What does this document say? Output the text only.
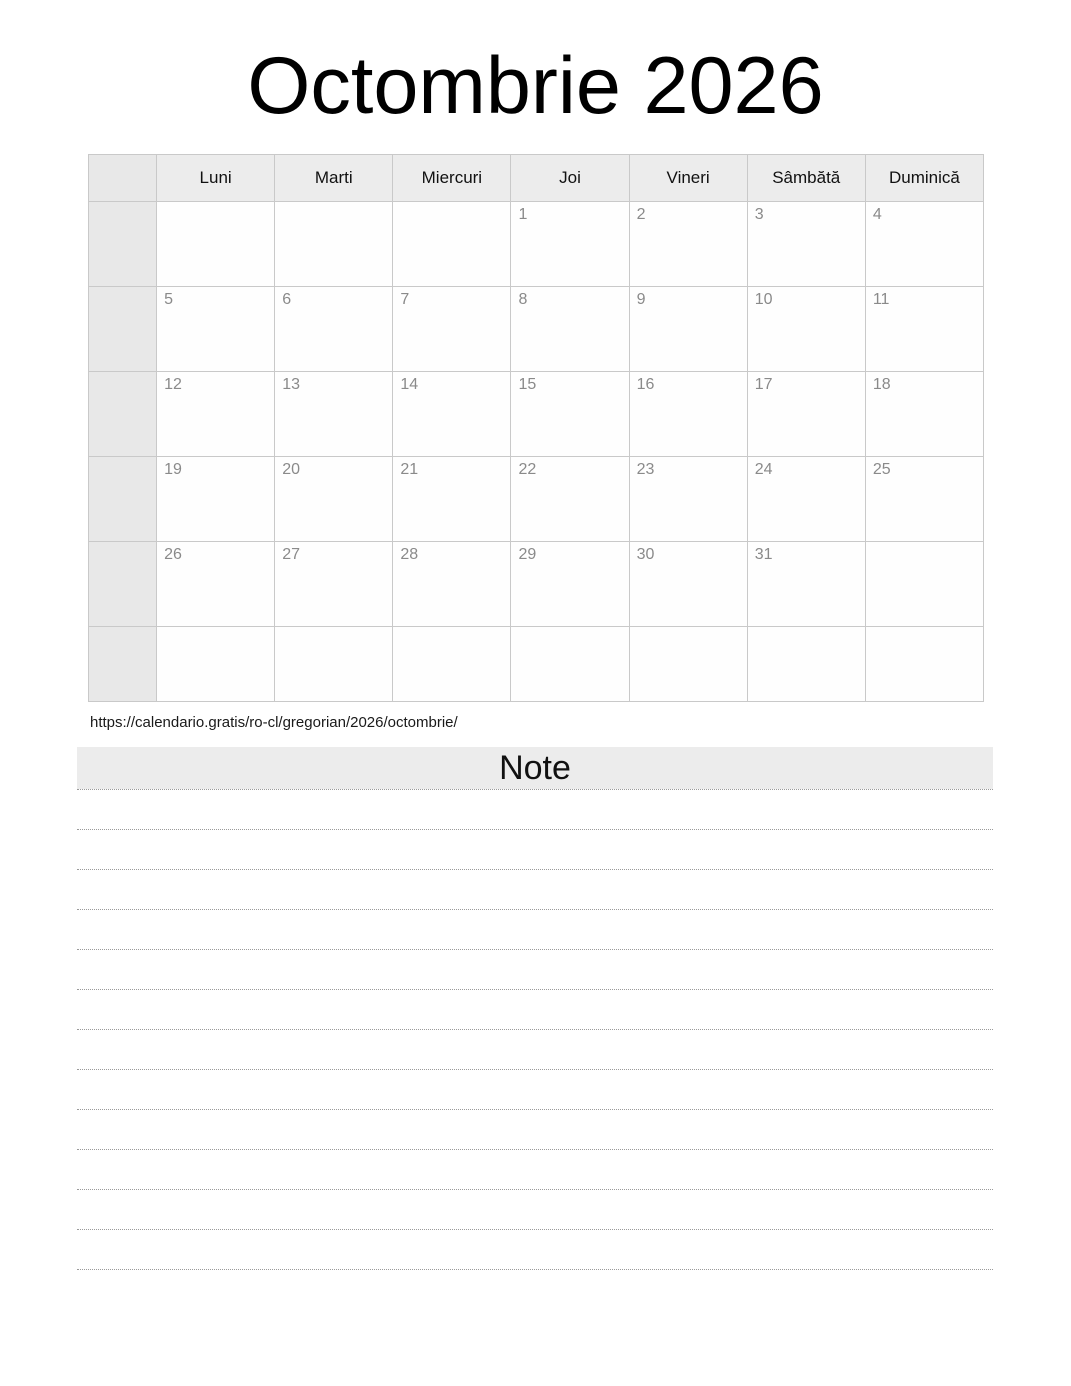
Octombrie 2026
	Luni	Marti	Miercuri	Joi	Vineri	Sâmbătă	Duminică

				1	2	3	4

	5	6	7	8	9	10	11

	12	13	14	15	16	17	18

	19	20	21	22	23	24	25

	26	27	28	29	30	31	

https://calendario.gratis/ro-cl/gregorian/2026/octombrie/
Note
